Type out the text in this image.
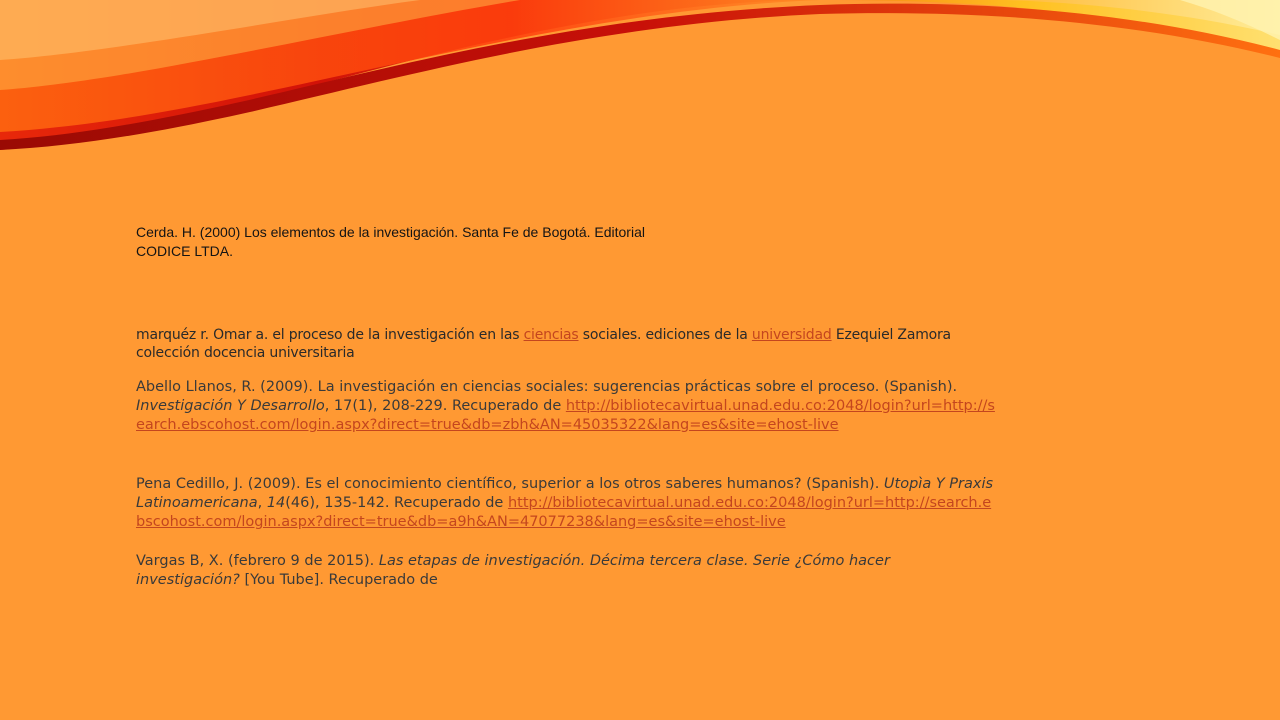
Cerda. H. (2000) Los elementos de la investigación. Santa Fe de Bogotá. Editorial
CODICE LTDA.
marquéz r. Omar a. el proceso de la investigación en las ciencias sociales. ediciones de la universidad Ezequiel Zamora colección docencia universitaria
Abello Llanos, R. (2009). La investigación en ciencias sociales: sugerencias prácticas sobre el proceso. (Spanish). Investigación Y Desarrollo, 17(1), 208-229. Recuperado de http://bibliotecavirtual.unad.edu.co:2048/login?url=http://search.ebscohost.com/login.aspx?direct=true&db=zbh&AN=45035322&lang=es&site=ehost-live
Pena Cedillo, J. (2009). Es el conocimiento científico, superior a los otros saberes humanos? (Spanish). Utopìa Y Praxis Latinoamericana, 14(46), 135-142. Recuperado de http://bibliotecavirtual.unad.edu.co:2048/login?url=http://search.ebscohost.com/login.aspx?direct=true&db=a9h&AN=47077238&lang=es&site=ehost-live
Vargas B, X. (febrero 9 de 2015). Las etapas de investigación. Décima tercera clase. Serie ¿Cómo hacer investigación? [You Tube]. Recuperado de
